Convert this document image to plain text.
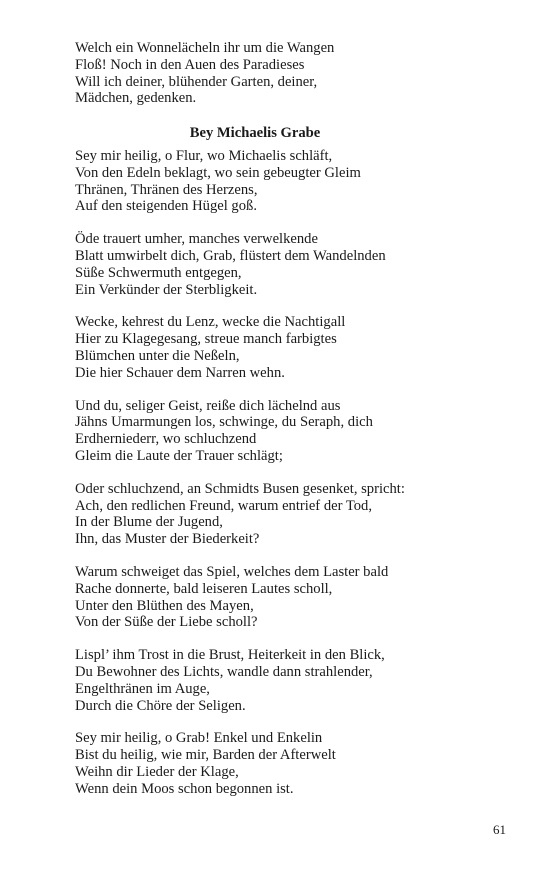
Welch ein Wonnelächeln ihr um die Wangen
Floß! Noch in den Auen des Paradieses
Will ich deiner, blühender Garten, deiner,
Mädchen, gedenken.
Bey Michaelis Grabe
Sey mir heilig, o Flur, wo Michaelis schläft,
Von den Edeln beklagt, wo sein gebeugter Gleim
Thränen, Thränen des Herzens,
Auf den steigenden Hügel goß.
Öde trauert umher, manches verwelkende
Blatt umwirbelt dich, Grab, flüstert dem Wandelnden
Süße Schwermuth entgegen,
Ein Verkünder der Sterbligkeit.
Wecke, kehrest du Lenz, wecke die Nachtigall
Hier zu Klagegesang, streue manch farbigtes
Blümchen unter die Neßeln,
Die hier Schauer dem Narren wehn.
Und du, seliger Geist, reiße dich lächelnd aus
Jähns Umarmungen los, schwinge, du Seraph, dich
Erdherniederr, wo schluchzend
Gleim die Laute der Trauer schlägt;
Oder schluchzend, an Schmidts Busen gesenket, spricht:
Ach, den redlichen Freund, warum entrief der Tod,
In der Blume der Jugend,
Ihn, das Muster der Biederkeit?
Warum schweiget das Spiel, welches dem Laster bald
Rache donnerte, bald leiseren Lautes scholl,
Unter den Blüthen des Mayen,
Von der Süße der Liebe scholl?
Lispl’ ihm Trost in die Brust, Heiterkeit in den Blick,
Du Bewohner des Lichts, wandle dann strahlender,
Engelthränen im Auge,
Durch die Chöre der Seligen.
Sey mir heilig, o Grab! Enkel und Enkelin
Bist du heilig, wie mir, Barden der Afterwelt
Weihn dir Lieder der Klage,
Wenn dein Moos schon begonnen ist.
61
